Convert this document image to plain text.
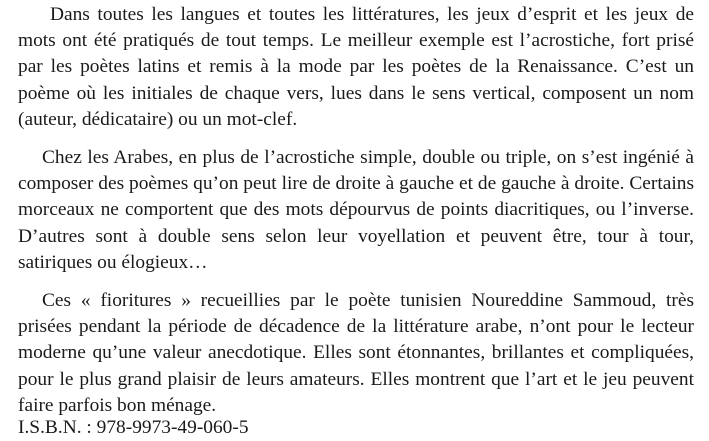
Dans toutes les langues et toutes les littératures, les jeux d’esprit et les jeux de mots ont été pratiqués de tout temps. Le meilleur exemple est l’acrostiche, fort prisé par les poètes latins et remis à la mode par les poètes de la Renaissance. C’est un poème où les initiales de chaque vers, lues dans le sens vertical, composent un nom (auteur, dédicataire) ou un mot-clef.

Chez les Arabes, en plus de l’acrostiche simple, double ou triple, on s’est ingénié à composer des poèmes qu’on peut lire de droite à gauche et de gauche à droite. Certains morceaux ne comportent que des mots dépourvus de points diacritiques, ou l’inverse. D’autres sont à double sens selon leur voyellation et peuvent être, tour à tour, satiriques ou élogieux…

Ces « fioritures » recueillies par le poète tunisien Noureddine Sammoud, très prisées pendant la période de décadence de la littérature arabe, n’ont pour le lecteur moderne qu’une valeur anecdotique. Elles sont étonnantes, brillantes et compliquées, pour le plus grand plaisir de leurs amateurs. Elles montrent que l’art et le jeu peuvent faire parfois bon ménage.

I.S.B.N. : 978-9973-49-060-5
